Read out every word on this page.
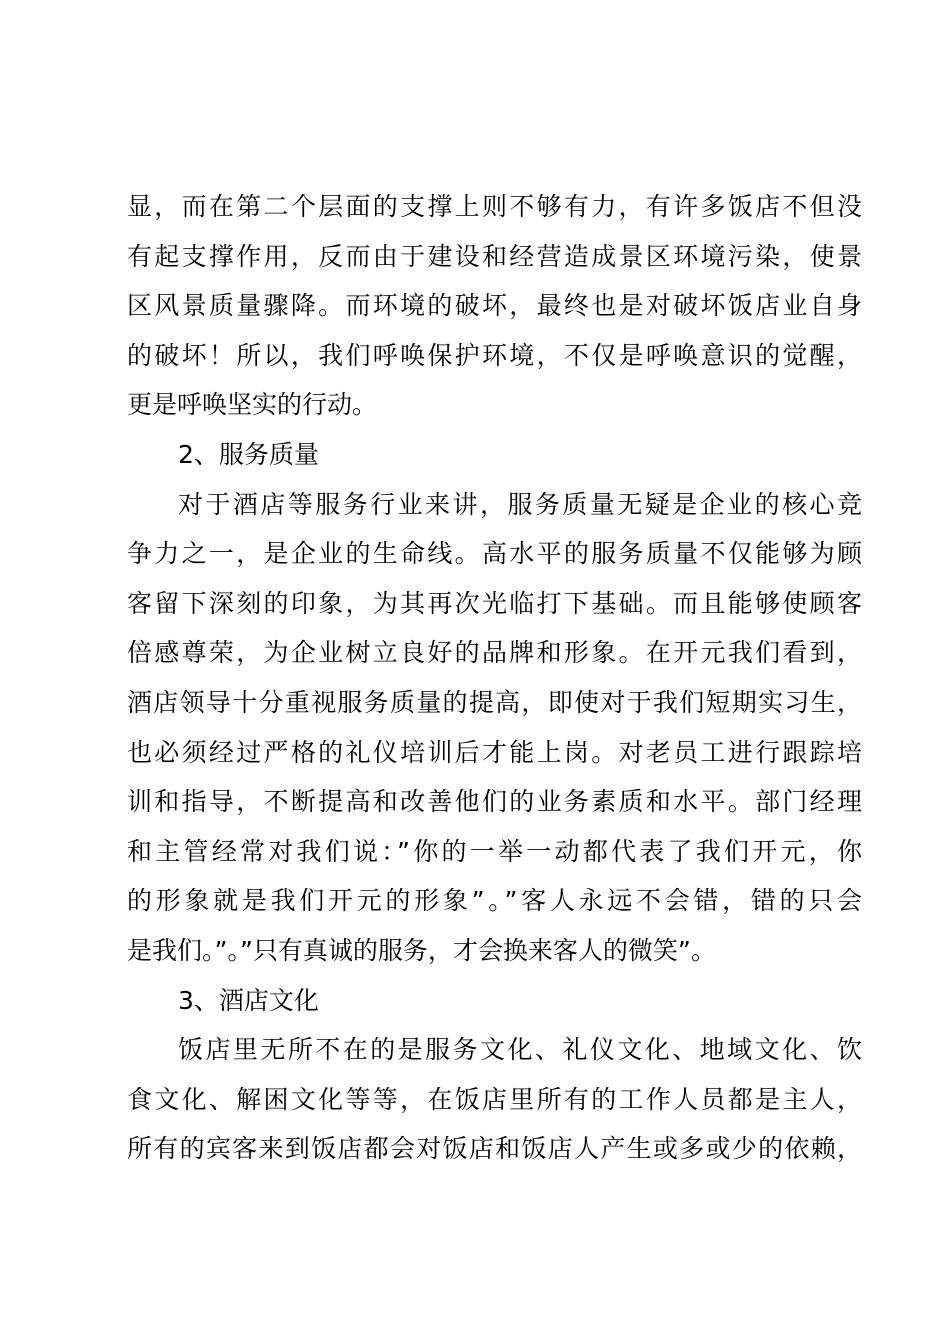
显，而在第二个层面的支撑上则不够有力，有许多饭店不但没
有起支撑作用，反而由于建设和经营造成景区环境污染，使景
区风景质量骤降。而环境的破坏，最终也是对破坏饭店业自身
的破坏！所以，我们呼唤保护环境，不仅是呼唤意识的觉醒，
更是呼唤坚实的行动。
2、服务质量
对于酒店等服务行业来讲，服务质量无疑是企业的核心竞
争力之一，是企业的生命线。高水平的服务质量不仅能够为顾
客留下深刻的印象，为其再次光临打下基础。而且能够使顾客
倍感尊荣，为企业树立良好的品牌和形象。在开元我们看到，
酒店领导十分重视服务质量的提高，即使对于我们短期实习生，
也必须经过严格的礼仪培训后才能上岗。对老员工进行跟踪培
训和指导，不断提高和改善他们的业务素质和水平。部门经理
和主管经常对我们说：”你的一举一动都代表了我们开元，你
的形象就是我们开元的形象”。”客人永远不会错，错的只会
是我们。”。”只有真诚的服务，才会换来客人的微笑”。
3、酒店文化
饭店里无所不在的是服务文化、礼仪文化、地域文化、饮
食文化、解困文化等等，在饭店里所有的工作人员都是主人，
所有的宾客来到饭店都会对饭店和饭店人产生或多或少的依赖，
